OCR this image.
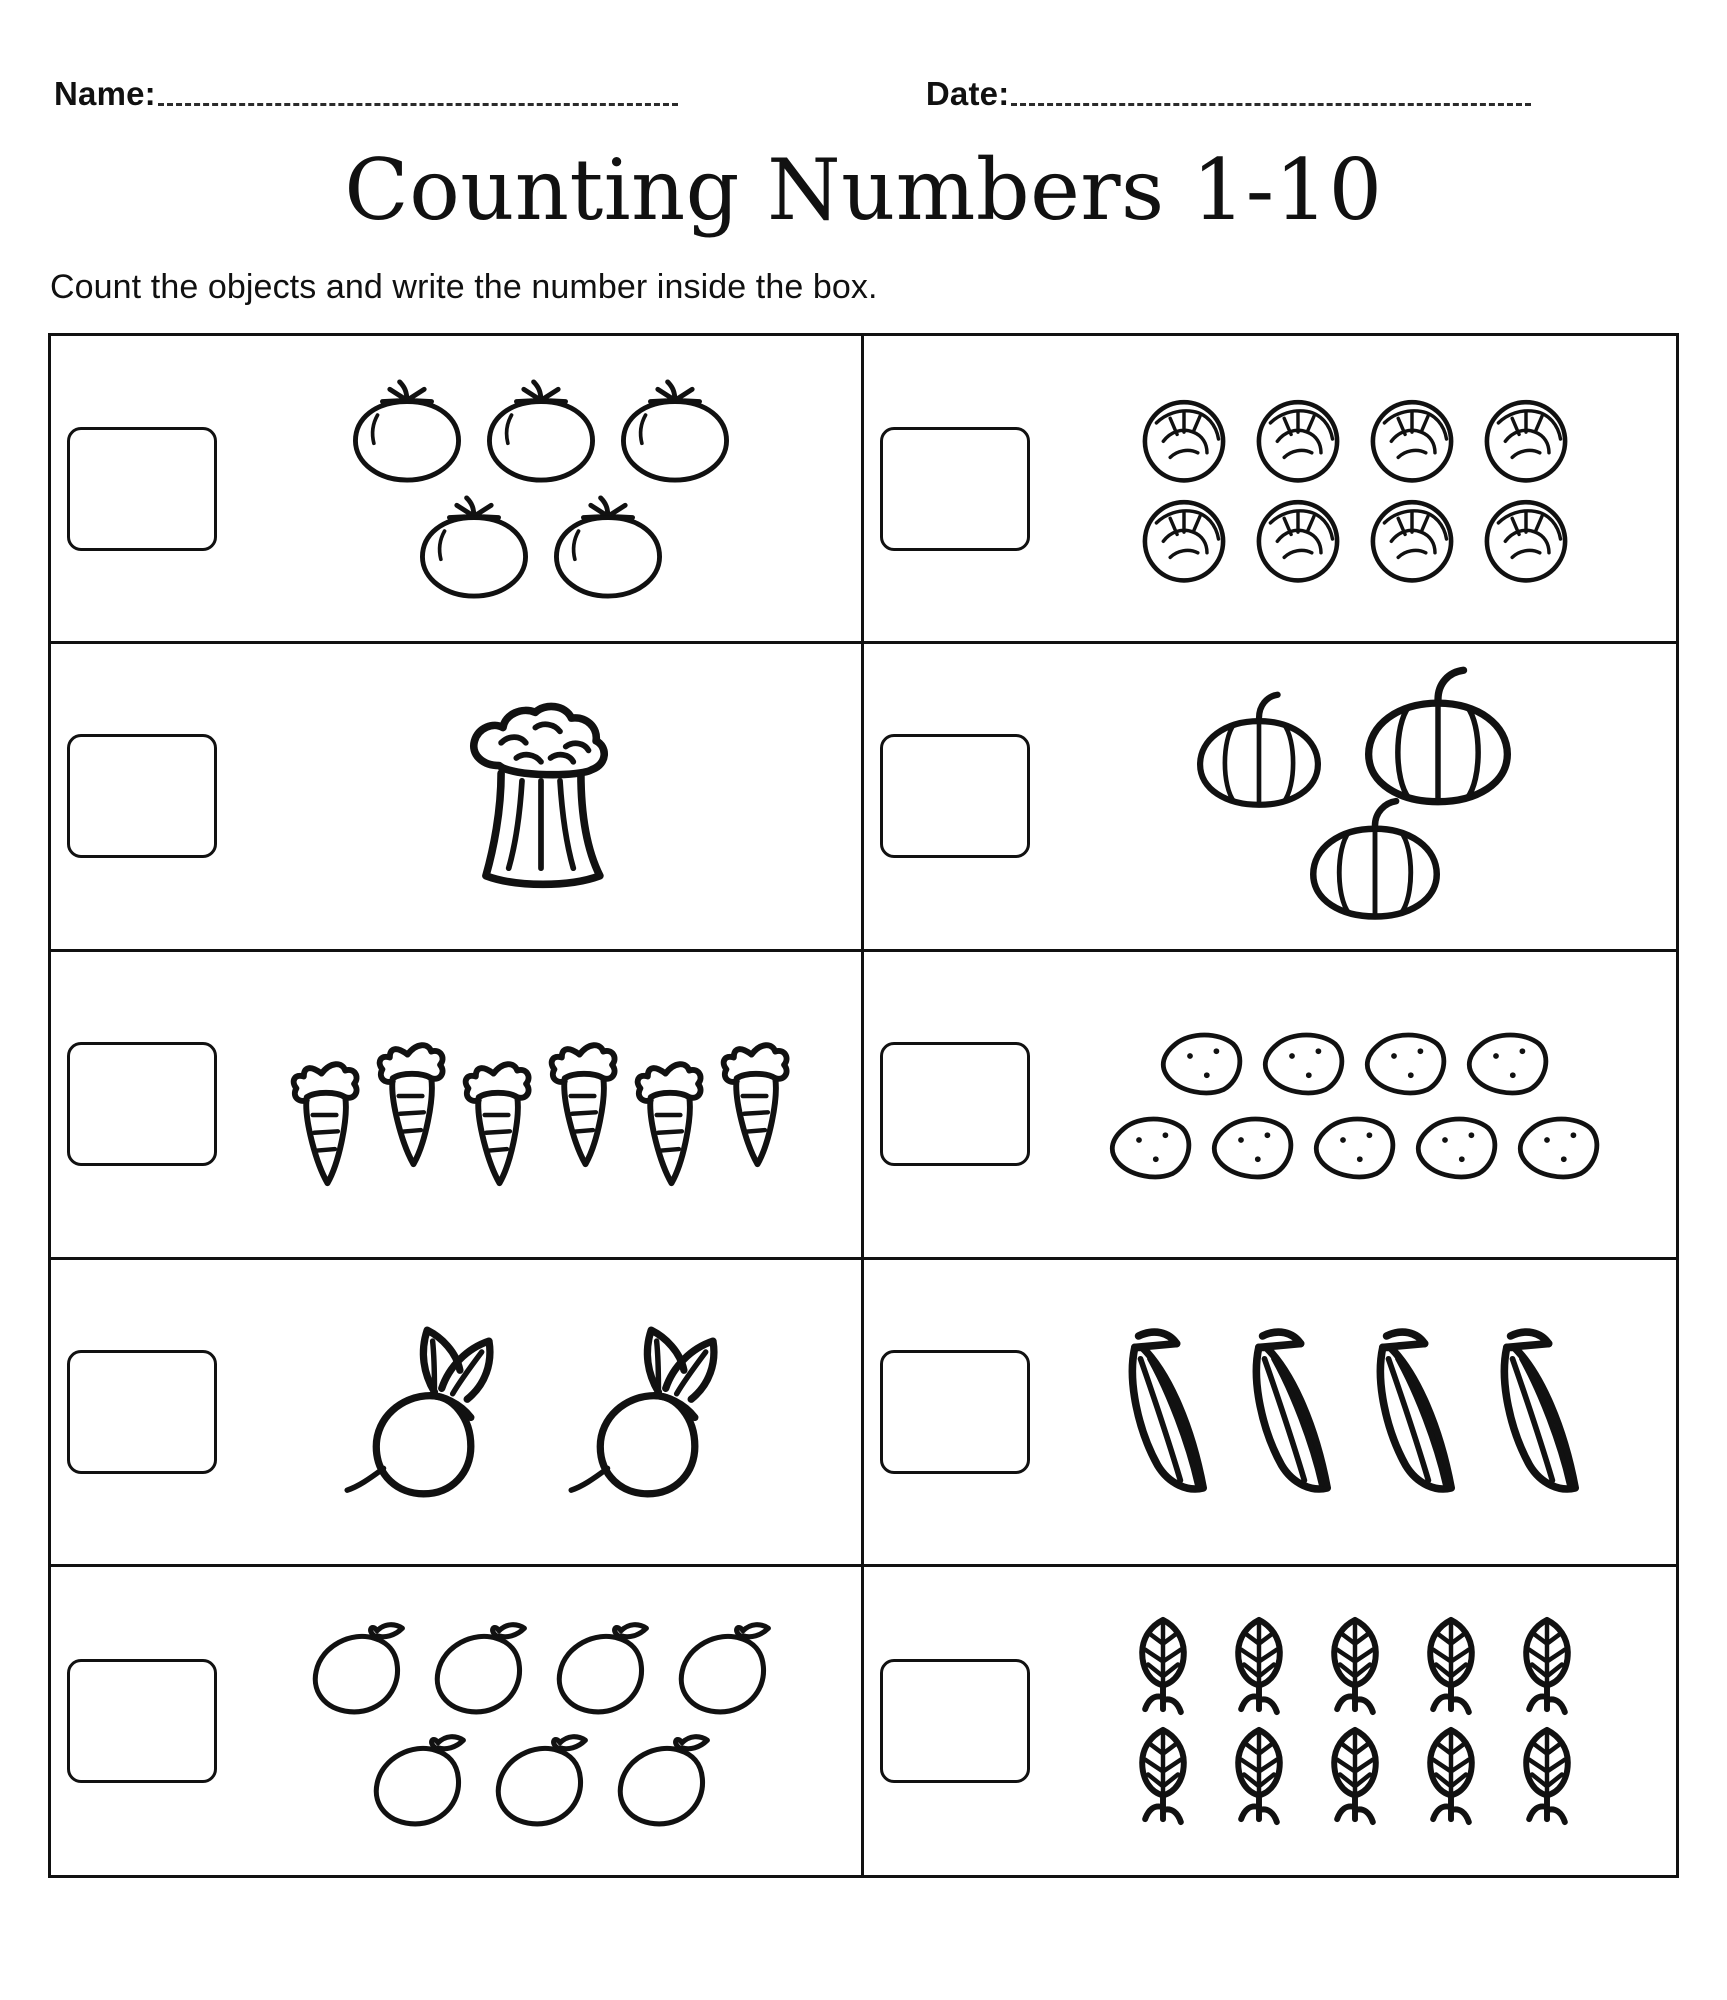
Name:	Date:
Counting Numbers 1-10

Count the objects and write the number inside the box.
